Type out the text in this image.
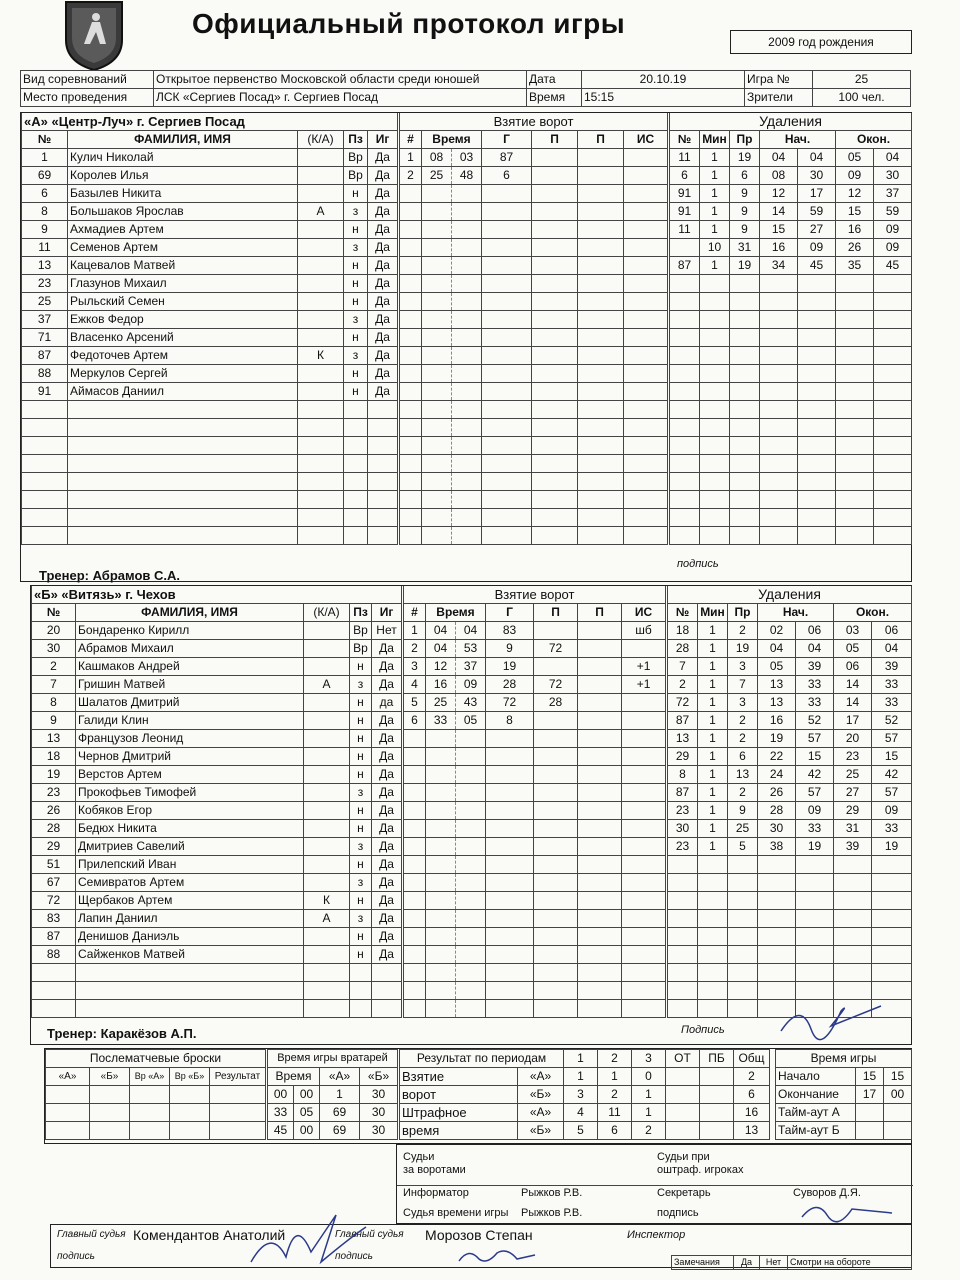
Официальный протокол игры
2009 год рождения
Вид соревнований	Открытое первенство Московской области среди юношей	Дата	20.10.19	Игра №	25
Место проведения	ЛСК «Сергиев Посад» г. Сергиев Посад	Время	15:15	Зрители	100 чел.
«А» «Центр-Луч» г. Сергиев Посад				
№	ФАМИЛИЯ, ИМЯ	(К/А)	Пз	Иг
1	Кулич Николай		Вр	Да
69	Королев Илья		Вр	Да
6	Базылев Никита		н	Да
8	Большаков Ярослав	А	з	Да
9	Ахмадиев Артем		н	Да
11	Семенов Артем		з	Да
13	Кацевалов Матвей		н	Да
23	Глазунов Михаил		н	Да
25	Рыльский Семен		н	Да
37	Ежков Федор		з	Да
71	Власенко Арсений		н	Да
87	Федоточев Артем	К	з	Да
88	Меркулов Сергей		н	Да
91	Аймасов Даниил		н	Да

Взятие ворот						
#	Время		Г	П	П	ИС
1	08	03	87			
2	25	48	6			

Удаления						
№	Мин	Пр	Нач.		Окон.	
11	1	19	04	04	05	04
6	1	6	08	30	09	30
91	1	9	12	17	12	37
91	1	9	14	59	15	59
11	1	9	15	27	16	09
	10	31	16	09	26	09
87	1	19	34	45	35	45

Тренер: Абрамов С.А.
подпись
«Б» «Витязь» г. Чехов				
№	ФАМИЛИЯ, ИМЯ	(К/А)	Пз	Иг
20	Бондаренко Кирилл		Вр	Нет
30	Абрамов Михаил		Вр	Да
2	Кашмаков Андрей		н	Да
7	Гришин Матвей	А	з	Да
8	Шалатов Дмитрий		н	да
9	Галиди Клин		н	Да
13	Французов Леонид		н	Да
18	Чернов Дмитрий		н	Да
19	Верстов Артем		н	Да
23	Прокофьев Тимофей		з	Да
26	Кобяков Егор		н	Да
28	Бедюх Никита		н	Да
29	Дмитриев Савелий		з	Да
51	Прилепский Иван		н	Да
67	Семивратов Артем		з	Да
72	Щербаков Артем	К	н	Да
83	Лапин Даниил	А	з	Да
87	Денишов Даниэль		н	Да
88	Сайженков Матвей		н	Да

Взятие ворот						
#	Время		Г	П	П	ИС
1	04	04	83			шб
2	04	53	9	72		
3	12	37	19			+1
4	16	09	28	72		+1
5	25	43	72	28		
6	33	05	8			

Удаления						
№	Мин	Пр	Нач.		Окон.	
18	1	2	02	06	03	06
28	1	19	04	04	05	04
7	1	3	05	39	06	39
2	1	7	13	33	14	33
72	1	3	13	33	14	33
87	1	2	16	52	17	52
13	1	2	19	57	20	57
29	1	6	22	15	23	15
8	1	13	24	42	25	42
87	1	2	26	57	27	57
23	1	9	28	09	29	09
30	1	25	30	33	31	33
23	1	5	38	19	39	19

Тренер: Каракёзов А.П.	Подпись
Послематчевые броски				
«А»	«Б»	Вр «А»	Вр «Б»	Результат

Время игры вратарей			
Время		«А»	«Б»
00	00	1	30
33	05	69	30
45	00	69	30
Результат по периодам		1	2	3	ОТ	ПБ	Общ
Взятие	«А»	1	1	0			2
ворот	«Б»	3	2	1			6
Штрафное	«А»	4	11	1			16
время	«Б»	5	6	2			13
Время игры		
Начало	15	15
Окончание	17	00
Тайм-аут А		
Тайм-аут Б		
Судьи
за воротами
Судьи при
оштраф. игроках
Информатор	Рыжков Р.В.	Секретарь	Суворов Д.Я.
Судья времени игры Рыжков Р.В.	подпись
Главный судья Комендантов Анатолий
подпись
Главный судья Морозов Степан
подпись
Инспектор
Замечания	Да	Нет	Смотри на обороте
